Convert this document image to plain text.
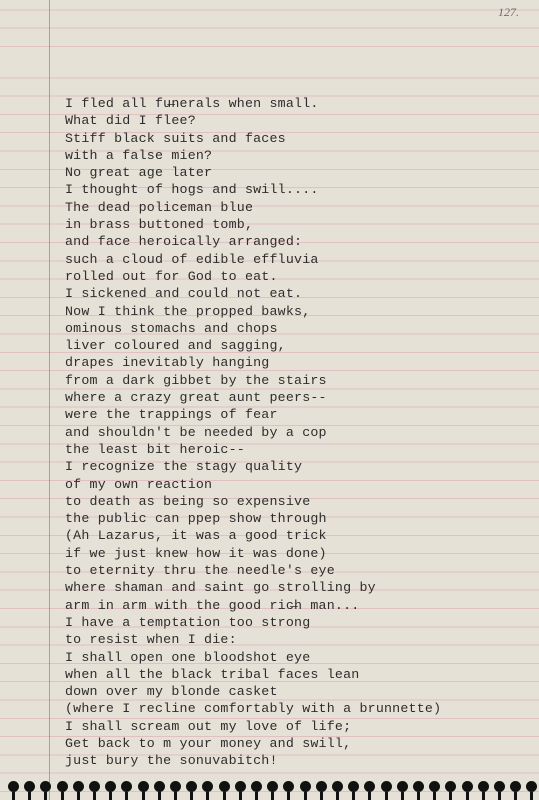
127.
I fled all fu̶nerals when small.
What did I flee?
Stiff black suits and faces
with a false mien?
No great age later
I thought of hogs and swill....
The dead policeman blue
in brass buttoned tomb,
and face heroically arranged:
such a cloud of edible effluvia
rolled out for God to eat.
I sickened and could not eat.
Now I think the propped bawks,
ominous stomachs and chops
liver coloured and sagging,
drapes inevitably hanging
from a dark gibbet by the stairs
where a crazy great aunt peers--
were the trappings of fear
and shouldn't be needed by a cop
the least bit heroic--
I recognize the stagy quality
of my own reaction
to death as being so expensive
the public can ppep show through
(Ah Lazarus, it was a good trick
if we just knew how it was done)
to eternity thru the needle's eye
where shaman and saint go strolling by
arm in arm with the good ric̶h man...
I have a temptation too strong
to resist when I die:
I shall open one bloodshot eye
when all the black tribal faces lean
down over my blonde casket
(where I recline comfortably with a brunnette)
I shall scream out my love of life;
Get back to m your money and swill,
just bury the sonuvabitch!
